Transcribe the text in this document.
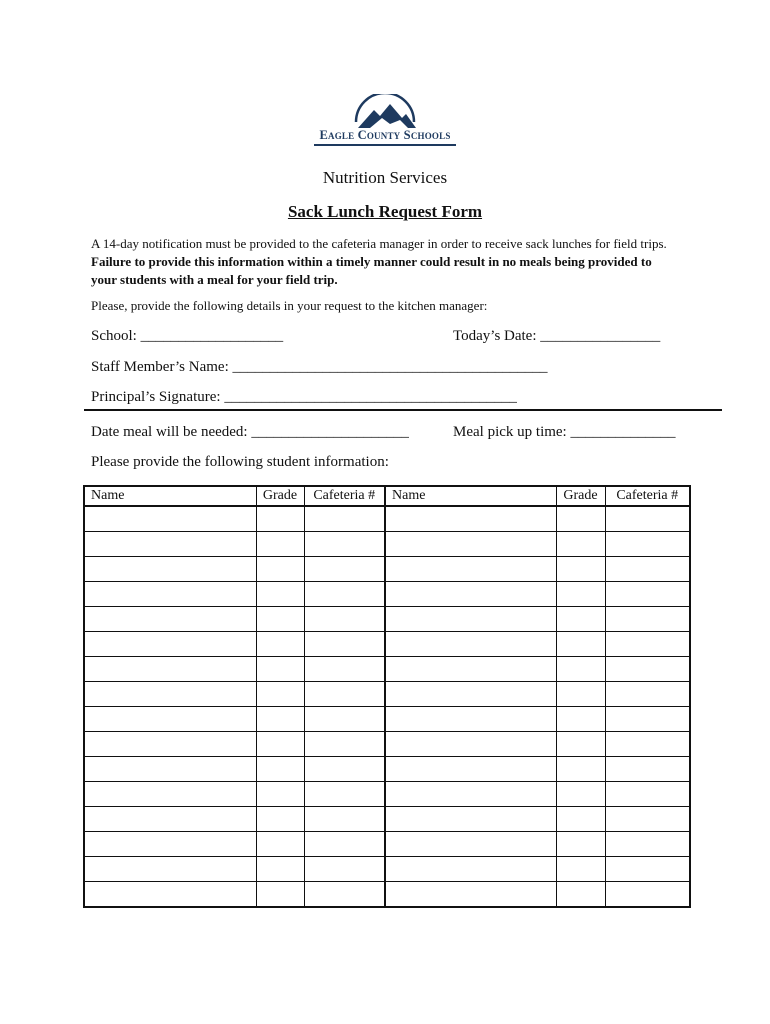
Eagle County Schools
Nutrition Services
Sack Lunch Request Form
A 14-day notification must be provided to the cafeteria manager in order to receive sack lunches for field trips. Failure to provide this information within a timely manner could result in no meals being provided to your students with a meal for your field trip.
Please, provide the following details in your request to the kitchen manager:
School: ___________________	Today’s Date: ________________
Staff Member’s Name: __________________________________________
Principal’s Signature: _______________________________________
Date meal will be needed: _____________________	Meal pick up time: ______________
Please provide the following student information:
Name	Grade	Cafeteria #	Name	Grade	Cafeteria #
